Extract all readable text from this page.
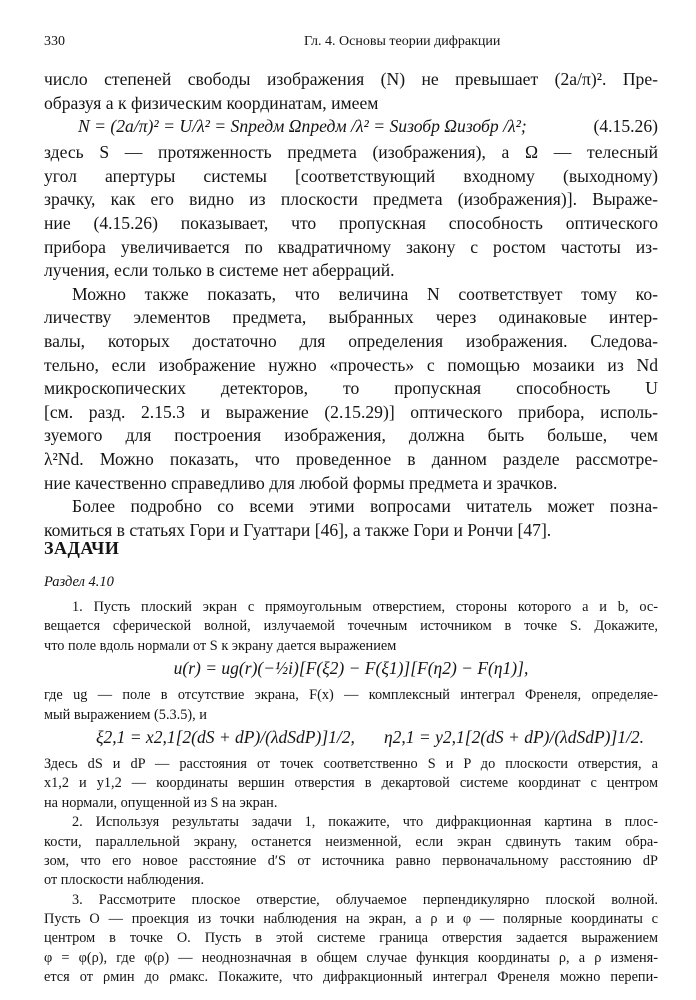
330	Гл. 4. Основы теории дифракции
число степеней свободы изображения (N) не превышает (2a/π)². Пре-
образуя a к физическим координатам, имеем
N = (2a/π)² = U/λ² = Sпредм Ωпредм /λ² = Sизобр Ωизобр /λ²;	(4.15.26)
здесь S — протяженность предмета (изображения), а Ω — телесный
угол апертуры системы [соответствующий входному (выходному)
зрачку, как его видно из плоскости предмета (изображения)]. Выраже-
ние (4.15.26) показывает, что пропускная способность оптического
прибора увеличивается по квадратичному закону с ростом частоты из-
лучения, если только в системе нет аберраций.
Можно также показать, что величина N соответствует тому ко-
личеству элементов предмета, выбранных через одинаковые интер-
валы, которых достаточно для определения изображения. Следова-
тельно, если изображение нужно «прочесть» с помощью мозаики из Nd
микроскопических детекторов, то пропускная способность U
[см. разд. 2.15.3 и выражение (2.15.29)] оптического прибора, исполь-
зуемого для построения изображения, должна быть больше, чем
λ²Nd. Можно показать, что проведенное в данном разделе рассмотре-
ние качественно справедливо для любой формы предмета и зрачков.
Более подробно со всеми этими вопросами читатель может позна-
комиться в статьях Гори и Гуаттари [46], а также Гори и Рончи [47].
ЗАДАЧИ
Раздел 4.10
1. Пусть плоский экран с прямоугольным отверстием, стороны которого a и b, ос-
вещается сферической волной, излучаемой точечным источником в точке S. Докажите,
что поле вдоль нормали от S к экрану дается выражением
u(r) = ug(r)(−½i)[F(ξ2) − F(ξ1)][F(η2) − F(η1)],
где ug — поле в отсутствие экрана, F(x) — комплексный интеграл Френеля, определяе-
мый выражением (5.3.5), и
ξ2,1 = x2,1[2(dS + dP)/(λdSdP)]1/2, η2,1 = y2,1[2(dS + dP)/(λdSdP)]1/2.
Здесь dS и dP — расстояния от точек соответственно S и P до плоскости отверстия, а
x1,2 и y1,2 — координаты вершин отверстия в декартовой системе координат с центром
на нормали, опущенной из S на экран.
2. Используя результаты задачи 1, покажите, что дифракционная картина в плос-
кости, параллельной экрану, останется неизменной, если экран сдвинуть таким обра-
зом, что его новое расстояние d′S от источника равно первоначальному расстоянию dP
от плоскости наблюдения.
3. Рассмотрите плоское отверстие, облучаемое перпендикулярно плоской волной.
Пусть O — проекция из точки наблюдения на экран, а ρ и φ — полярные координаты с
центром в точке O. Пусть в этой системе граница отверстия задается выражением
φ = φ(ρ), где φ(ρ) — неоднозначная в общем случае функция координаты ρ, а ρ изменя-
ется от ρмин до ρмакс. Покажите, что дифракционный интеграл Френеля можно перепи-
